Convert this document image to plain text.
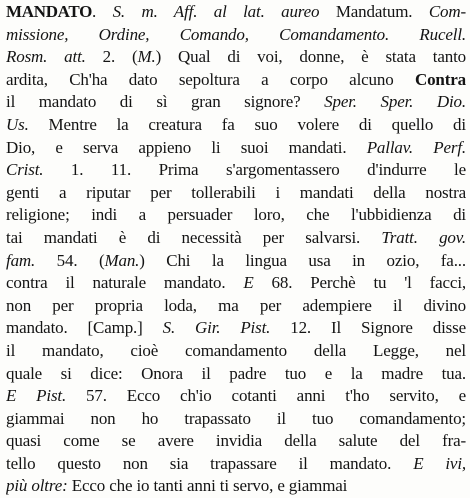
MANDATO. S. m. Aff. al lat. aureo Mandatum. Com-
missione, Ordine, Comando, Comandamento. Rucell.
Rosm. att. 2. (M.) Qual di voi, donne, è stata tanto
ardita, Ch'ha dato sepoltura a corpo alcuno Contra
il mandato di sì gran signore? Sper. Sper. Dio.
Us. Mentre la creatura fa suo volere di quello di
Dio, e serva appieno li suoi mandati. Pallav. Perf.
Crist. 1. 11. Prima s'argomentassero d'indurre le
genti a riputar per tollerabili i mandati della nostra
religione; indi a persuader loro, che l'ubbidienza di
tai mandati è di necessità per salvarsi. Tratt. gov.
fam. 54. (Man.) Chi la lingua usa in ozio, fa...
contra il naturale mandato. E 68. Perchè tu 'l facci,
non per propria loda, ma per adempiere il divino
mandato. [Camp.] S. Gir. Pist. 12. Il Signore disse
il mandato, cioè comandamento della Legge, nel
quale si dice: Onora il padre tuo e la madre tua.
E Pist. 57. Ecco ch'io cotanti anni t'ho servito, e
giammai non ho trapassato il tuo comandamento;
quasi come se avere invidia della salute del fra-
tello questo non sia trapassare il mandato. E ivi,
più oltre: Ecco che io tanti anni ti servo, e giammai
